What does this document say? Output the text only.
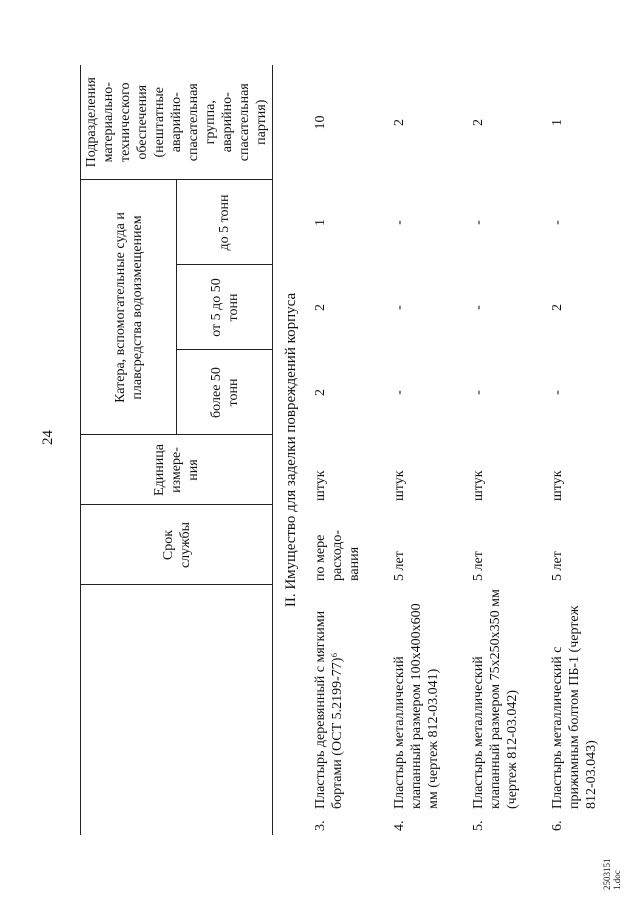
24
	Срок службы	Единица измере-ния	Катера, вспомогательные суда и плавсредства водоизмещением			Подразделения материально-технического обеспечения (нештатные аварийно-спасательная группа, аварийно-спасательная партия)
			более 50 тонн	от 5 до 50 тонн	до 5 тонн	
II. Имущество для заделки повреждений корпуса						

3.
Пластырь деревянный с мягкими бортами (ОСТ 5.2199-77)⁶	по мере расходо-вания	штук	2	2	1	10

4.
Пластырь металлический клапанный размером 100х400х600 мм (чертеж 812-03.041)	5 лет	штук	-	-	-	2

5.
Пластырь металлический клапанный размером 75х250х350 мм (чертеж 812-03.042)	5 лет	штук	-	-	-	2

6.
Пластырь металлический с прижимным болтом ПБ-1 (чертеж 812-03.043)	5 лет	штук	-	2	-	1
2503151 1.doc
